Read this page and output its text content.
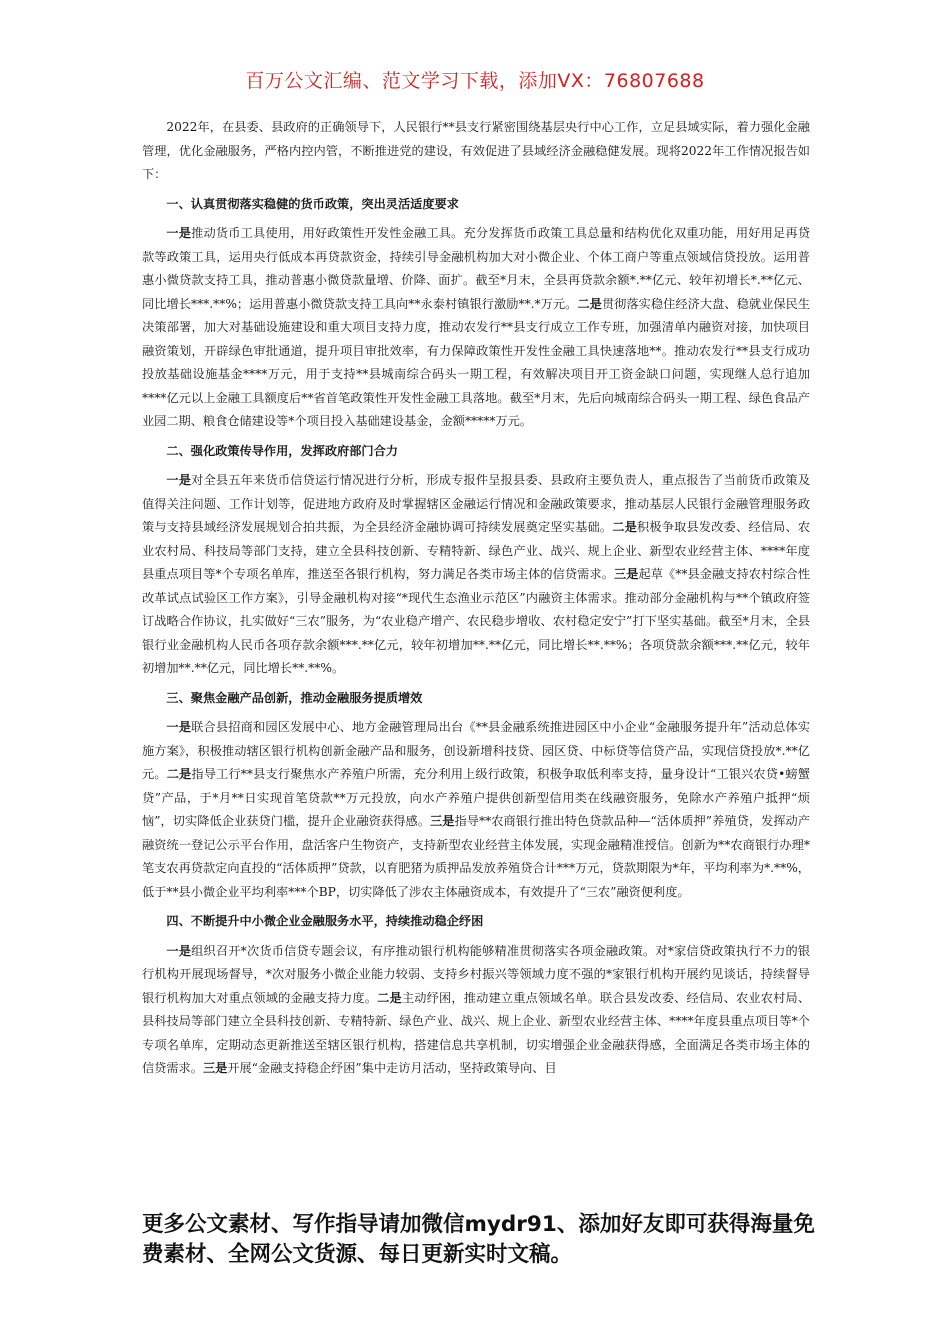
百万公文汇编、范文学习下载，添加VX：76807688

2022年，在县委、县政府的正确领导下，人民银行**县支行紧密围绕基层央行中心工作，立足县域实际，着力强化金融管理，优化金融服务，严格内控内管，不断推进党的建设，有效促进了县域经济金融稳健发展。现将2022年工作情况报告如下：

一、认真贯彻落实稳健的货币政策，突出灵活适度要求

一是推动货币工具使用，用好政策性开发性金融工具。充分发挥货币政策工具总量和结构优化双重功能，用好用足再贷款等政策工具，运用央行低成本再贷款资金，持续引导金融机构加大对小微企业、个体工商户等重点领域信贷投放。运用普惠小微贷款支持工具，推动普惠小微贷款量增、价降、面扩。截至*月末，全县再贷款余额*.**亿元、较年初增长*.**亿元、同比增长***.**%；运用普惠小微贷款支持工具向**永泰村镇银行激励**.*万元。二是贯彻落实稳住经济大盘、稳就业保民生决策部署，加大对基础设施建设和重大项目支持力度，推动农发行**县支行成立工作专班，加强清单内融资对接，加快项目融资策划，开辟绿色审批通道，提升项目审批效率，有力保障政策性开发性金融工具快速落地**。推动农发行**县支行成功投放基础设施基金****万元，用于支持**县城南综合码头一期工程，有效解决项目开工资金缺口问题，实现继人总行追加****亿元以上金融工具额度后**省首笔政策性开发性金融工具落地。截至*月末，先后向城南综合码头一期工程、绿色食品产业园二期、粮食仓储建设等*个项目投入基础建设基金，金额*****万元。

二、强化政策传导作用，发挥政府部门合力

一是对全县五年来货币信贷运行情况进行分析，形成专报件呈报县委、县政府主要负责人，重点报告了当前货币政策及值得关注问题、工作计划等，促进地方政府及时掌握辖区金融运行情况和金融政策要求，推动基层人民银行金融管理服务政策与支持县域经济发展规划合拍共振，为全县经济金融协调可持续发展奠定坚实基础。二是积极争取县发改委、经信局、农业农村局、科技局等部门支持，建立全县科技创新、专精特新、绿色产业、战兴、规上企业、新型农业经营主体、****年度县重点项目等*个专项名单库，推送至各银行机构，努力满足各类市场主体的信贷需求。三是起草《**县金融支持农村综合性改革试点试验区工作方案》，引导金融机构对接“*现代生态渔业示范区”内融资主体需求。推动部分金融机构与**个镇政府签订战略合作协议，扎实做好“三农”服务，为“农业稳产增产、农民稳步增收、农村稳定安宁”打下坚实基础。截至*月末，全县银行业金融机构人民币各项存款余额***.**亿元，较年初增加**.**亿元，同比增长**.**%；各项贷款余额***.**亿元，较年初增加**.**亿元，同比增长**.**%。

三、聚焦金融产品创新，推动金融服务提质增效

一是联合县招商和园区发展中心、地方金融管理局出台《**县金融系统推进园区中小企业“金融服务提升年”活动总体实施方案》，积极推动辖区银行机构创新金融产品和服务，创设新增科技贷、园区贷、中标贷等信贷产品，实现信贷投放*.**亿元。二是指导工行**县支行聚焦水产养殖户所需，充分利用上级行政策，积极争取低利率支持，量身设计“工银兴农贷•螃蟹贷”产品，于*月**日实现首笔贷款**万元投放，向水产养殖户提供创新型信用类在线融资服务，免除水产养殖户抵押“烦恼”，切实降低企业获贷门槛，提升企业融资获得感。三是指导**农商银行推出特色贷款品种—“活体质押”养殖贷，发挥动产融资统一登记公示平台作用，盘活客户生物资产，支持新型农业经营主体发展，实现金融精准授信。创新为**农商银行办理*笔支农再贷款定向直投的“活体质押”贷款，以育肥猪为质押品发放养殖贷合计***万元，贷款期限为*年，平均利率为*.**%，低于**县小微企业平均利率***个BP，切实降低了涉农主体融资成本，有效提升了“三农”融资便利度。

四、不断提升中小微企业金融服务水平，持续推动稳企纾困

一是组织召开*次货币信贷专题会议，有序推动银行机构能够精准贯彻落实各项金融政策。对*家信贷政策执行不力的银行机构开展现场督导，*次对服务小微企业能力较弱、支持乡村振兴等领域力度不强的*家银行机构开展约见谈话，持续督导银行机构加大对重点领域的金融支持力度。二是主动纾困，推动建立重点领域名单。联合县发改委、经信局、农业农村局、县科技局等部门建立全县科技创新、专精特新、绿色产业、战兴、规上企业、新型农业经营主体、****年度县重点项目等*个专项名单库，定期动态更新推送至辖区银行机构，搭建信息共享机制，切实增强企业金融获得感，全面满足各类市场主体的信贷需求。三是开展“金融支持稳企纾困”集中走访月活动，坚持政策导向、目

更多公文素材、写作指导请加微信mydr91、添加好友即可获得海量免费素材、全网公文货源、每日更新实时文稿。
